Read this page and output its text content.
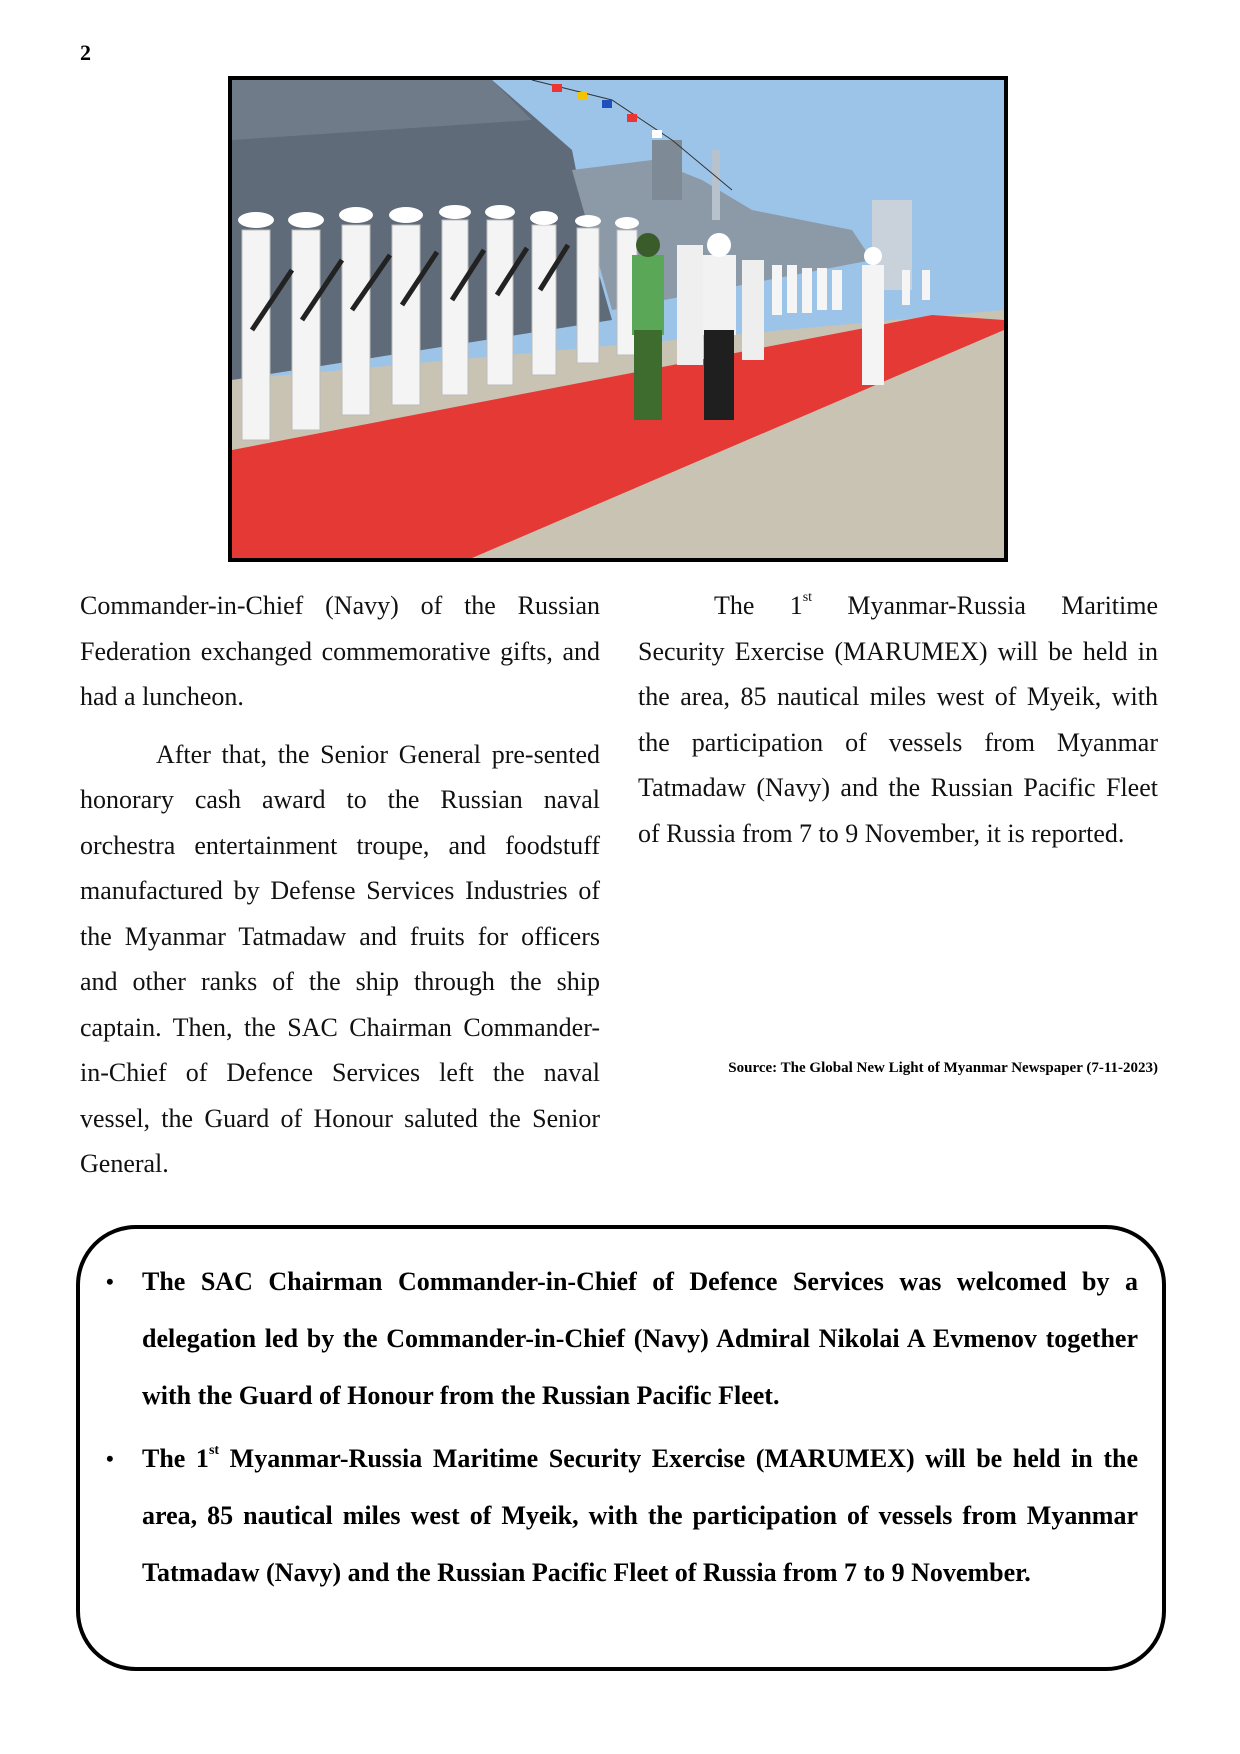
2

Commander-in-Chief (Navy) of the Russian Federation exchanged commemorative gifts, and had a luncheon.

After that, the Senior General pre-sented honorary cash award to the Russian naval orchestra entertainment troupe, and foodstuff manufactured by Defense Services Industries of the Myanmar Tatmadaw and fruits for officers and other ranks of the ship through the ship captain. Then, the SAC Chairman Commander-in-Chief of Defence Services left the naval vessel, the Guard of Honour saluted the Senior General.

The 1st Myanmar-Russia Maritime Security Exercise (MARUMEX) will be held in the area, 85 nautical miles west of Myeik, with the participation of vessels from Myanmar Tatmadaw (Navy) and the Russian Pacific Fleet of Russia from 7 to 9 November, it is reported.

Source: The Global New Light of Myanmar Newspaper (7-11-2023)
• The SAC Chairman Commander-in-Chief of Defence Services was welcomed by a delegation led by the Commander-in-Chief (Navy) Admiral Nikolai A Evmenov together with the Guard of Honour from the Russian Pacific Fleet.
• The 1st Myanmar-Russia Maritime Security Exercise (MARUMEX) will be held in the area, 85 nautical miles west of Myeik, with the participation of vessels from Myanmar Tatmadaw (Navy) and the Russian Pacific Fleet of Russia from 7 to 9 November.
